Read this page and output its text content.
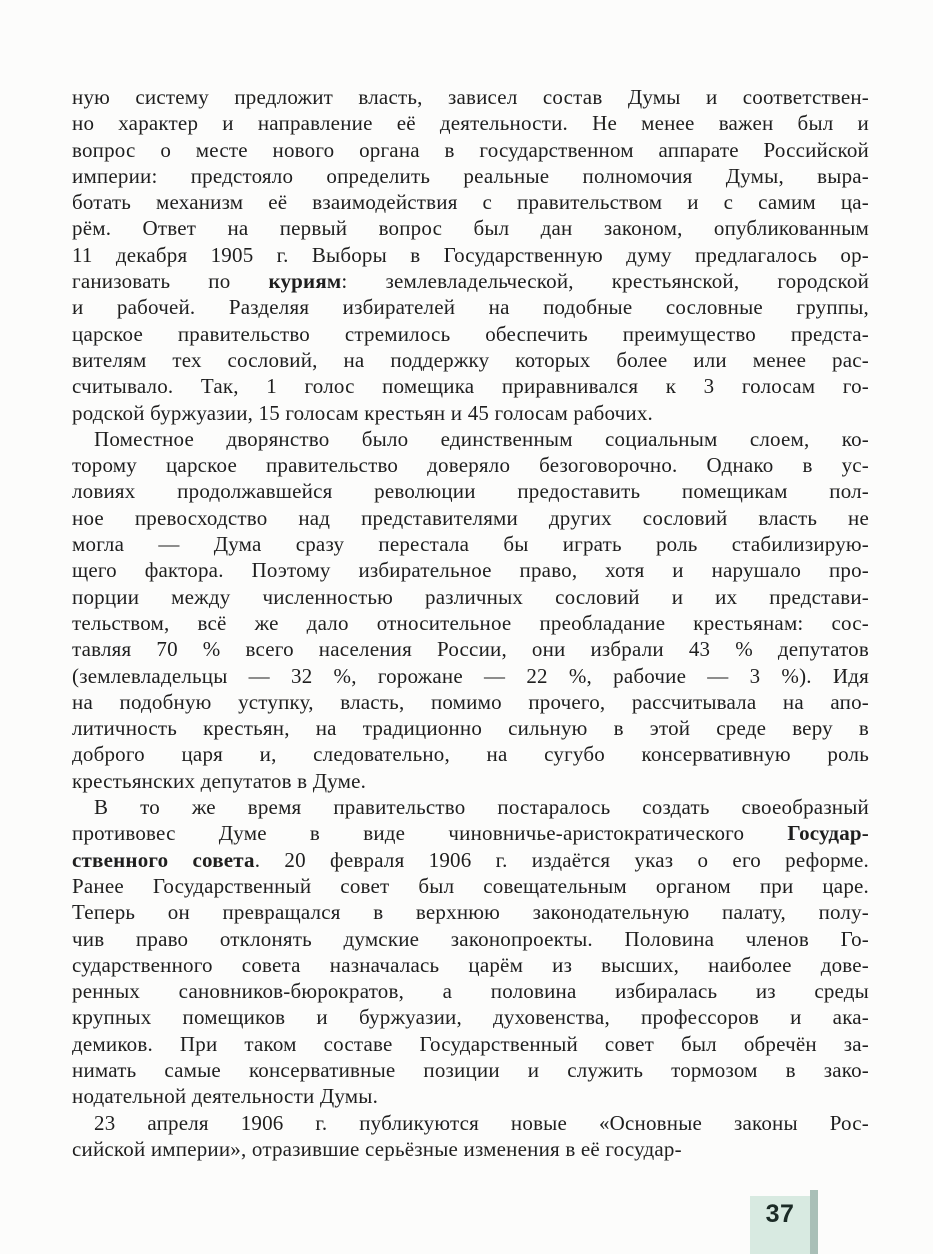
ную систему предложит власть, зависел состав Думы и соответствен-
но характер и направление её деятельности. Не менее важен был и
вопрос о месте нового органа в государственном аппарате Российской
империи: предстояло определить реальные полномочия Думы, выра-
ботать механизм её взаимодействия с правительством и с самим ца-
рём. Ответ на первый вопрос был дан законом, опубликованным
11 декабря 1905 г. Выборы в Государственную думу предлагалось ор-
ганизовать по куриям: землевладельческой, крестьянской, городской
и рабочей. Разделяя избирателей на подобные сословные группы,
царское правительство стремилось обеспечить преимущество предста-
вителям тех сословий, на поддержку которых более или менее рас-
считывало. Так, 1 голос помещика приравнивался к 3 голосам го-
родской буржуазии, 15 голосам крестьян и 45 голосам рабочих.
Поместное дворянство было единственным социальным слоем, ко-
торому царское правительство доверяло безоговорочно. Однако в ус-
ловиях продолжавшейся революции предоставить помещикам пол-
ное превосходство над представителями других сословий власть не
могла — Дума сразу перестала бы играть роль стабилизирую-
щего фактора. Поэтому избирательное право, хотя и нарушало про-
порции между численностью различных сословий и их представи-
тельством, всё же дало относительное преобладание крестьянам: сос-
тавляя 70 % всего населения России, они избрали 43 % депутатов
(землевладельцы — 32 %, горожане — 22 %, рабочие — 3 %). Идя
на подобную уступку, власть, помимо прочего, рассчитывала на апо-
литичность крестьян, на традиционно сильную в этой среде веру в
доброго царя и, следовательно, на сугубо консервативную роль
крестьянских депутатов в Думе.
В то же время правительство постаралось создать своеобразный
противовес Думе в виде чиновничье-аристократического Государ-
ственного совета. 20 февраля 1906 г. издаётся указ о его реформе.
Ранее Государственный совет был совещательным органом при царе.
Теперь он превращался в верхнюю законодательную палату, полу-
чив право отклонять думские законопроекты. Половина членов Го-
сударственного совета назначалась царём из высших, наиболее дове-
ренных сановников-бюрократов, а половина избиралась из среды
крупных помещиков и буржуазии, духовенства, профессоров и ака-
демиков. При таком составе Государственный совет был обречён за-
нимать самые консервативные позиции и служить тормозом в зако-
нодательной деятельности Думы.
23 апреля 1906 г. публикуются новые «Основные законы Рос-
сийской империи», отразившие серьёзные изменения в её государ-
37
